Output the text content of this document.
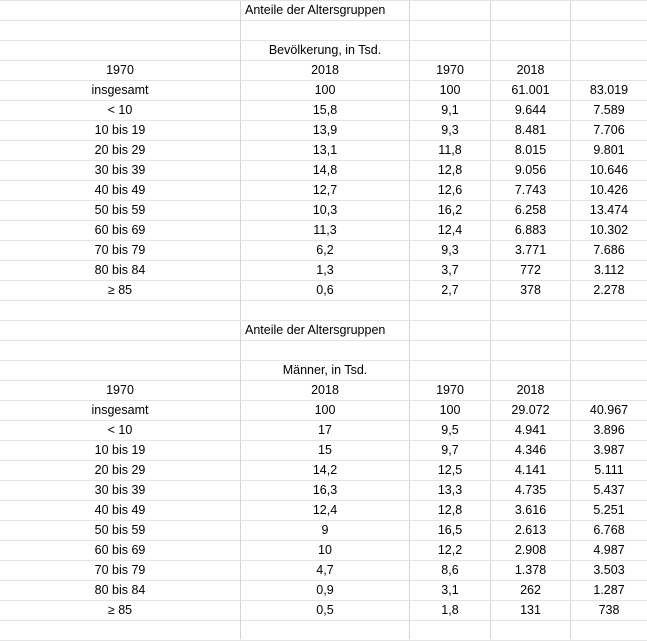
Anteile der Altersgruppen
Bevölkerung, in Tsd.
1970	2018	1970	2018
insgesamt	100	100	61.001	83.019
< 10	15,8	9,1	9.644	7.589
10 bis 19	13,9	9,3	8.481	7.706
20 bis 29	13,1	11,8	8.015	9.801
30 bis 39	14,8	12,8	9.056	10.646
40 bis 49	12,7	12,6	7.743	10.426
50 bis 59	10,3	16,2	6.258	13.474
60 bis 69	11,3	12,4	6.883	10.302
70 bis 79	6,2	9,3	3.771	7.686
80 bis 84	1,3	3,7	772	3.112
≥ 85	0,6	2,7	378	2.278
Anteile der Altersgruppen
Männer, in Tsd.
1970	2018	1970	2018
insgesamt	100	100	29.072	40.967
< 10	17	9,5	4.941	3.896
10 bis 19	15	9,7	4.346	3.987
20 bis 29	14,2	12,5	4.141	5.111
30 bis 39	16,3	13,3	4.735	5.437
40 bis 49	12,4	12,8	3.616	5.251
50 bis 59	9	16,5	2.613	6.768
60 bis 69	10	12,2	2.908	4.987
70 bis 79	4,7	8,6	1.378	3.503
80 bis 84	0,9	3,1	262	1.287
≥ 85	0,5	1,8	131	738
